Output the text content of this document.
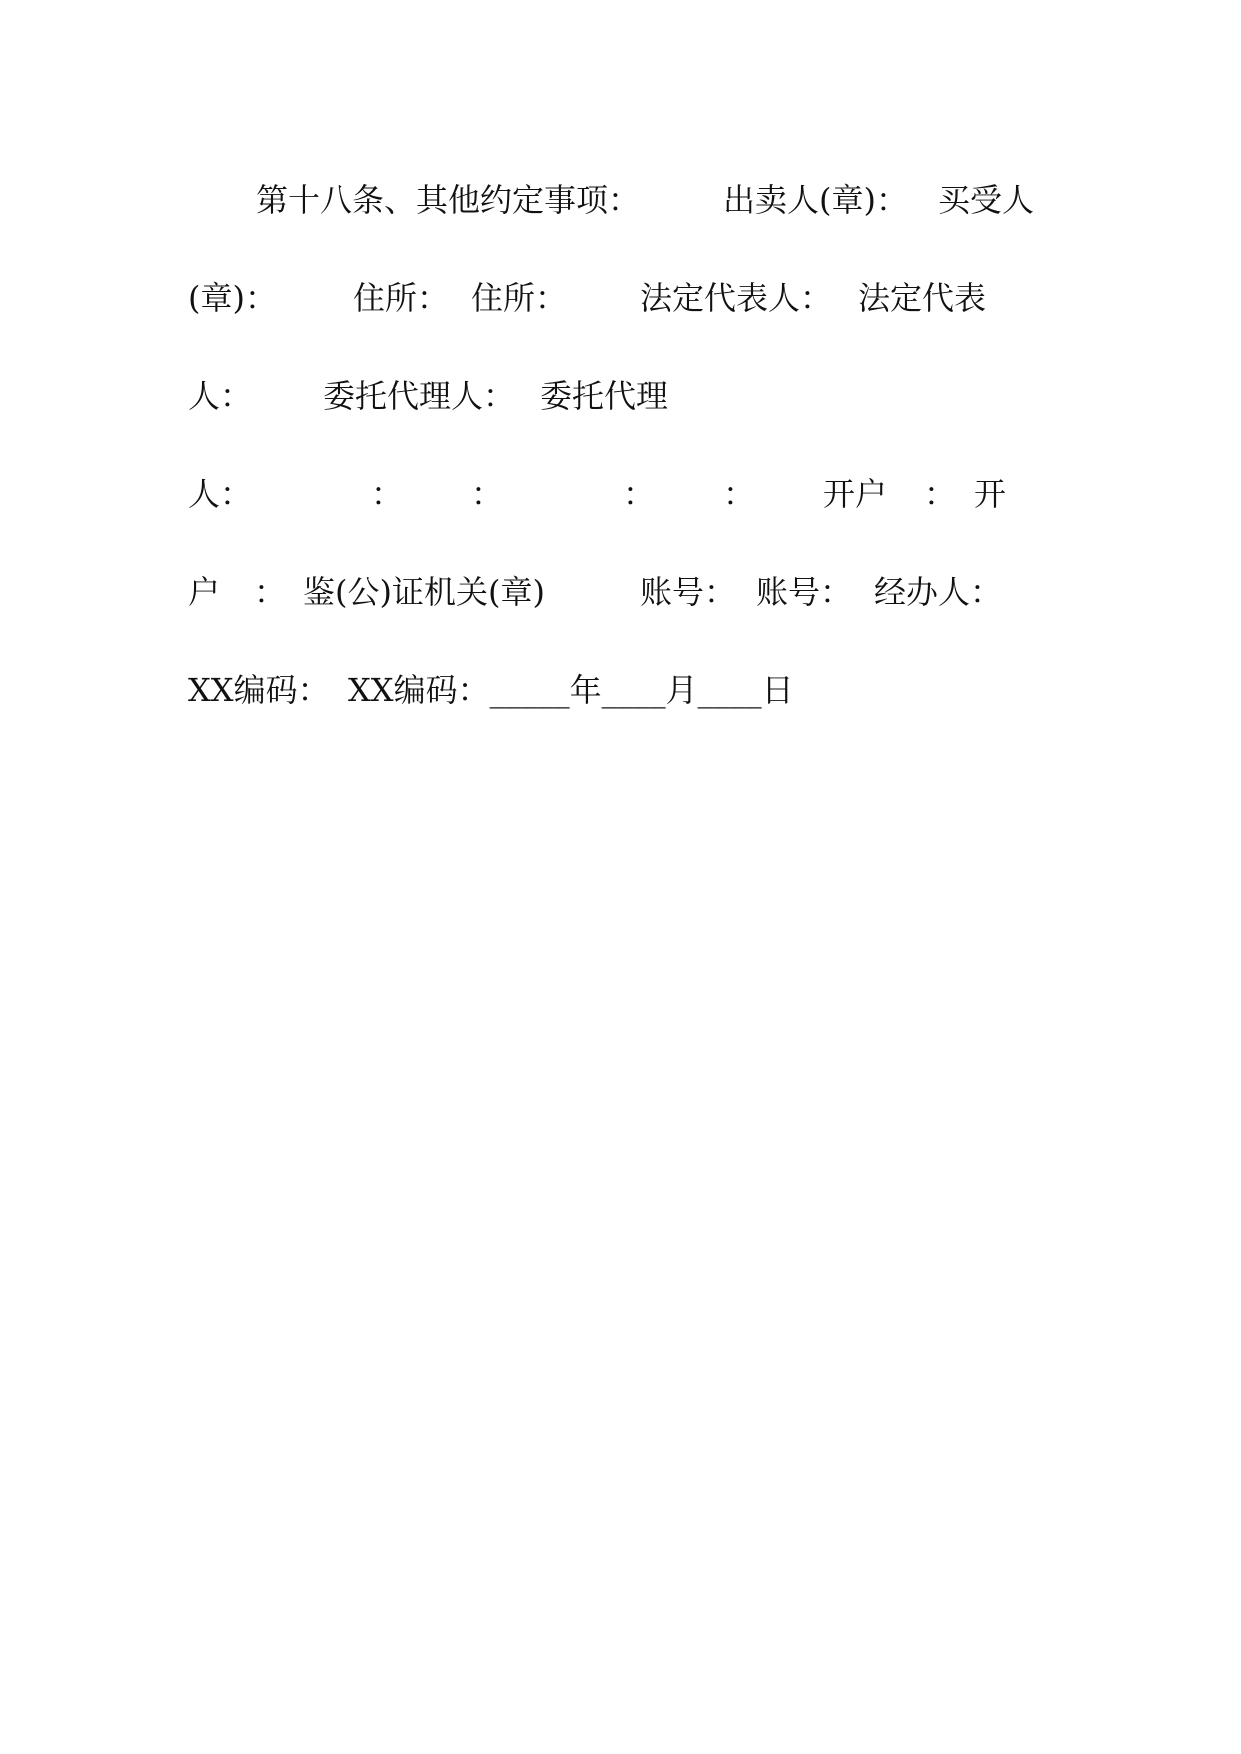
第十八条、其他约定事项：

	出卖人(章)：

买受人

(章)：

住所：

住所：

法定代表人：

法定代表

人：

委托代理人：

委托代理

人：

	：

：

	：

：

开户

：

开

户

：

鉴(公)证机关(章)

	账号：

账号：

经办人：

XX编码：

XX编码：_____年____月____日
